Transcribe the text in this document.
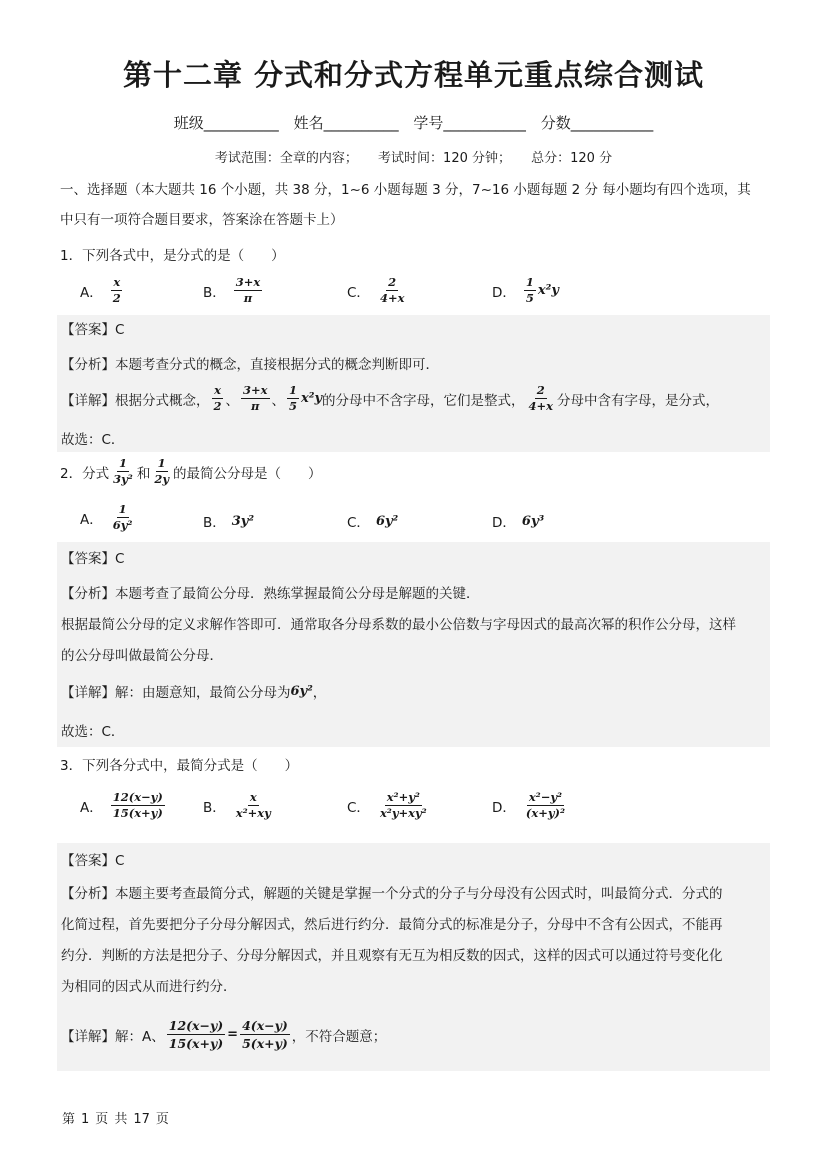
第十二章 分式和分式方程单元重点综合测试
班级__________ 姓名__________ 学号___________ 分数___________
考试范围：全章的内容； 考试时间：120 分钟； 总分：120 分
一、选择题（本大题共 16 个小题，共 38 分，1~6 小题每题 3 分，7~16 小题每题 2 分 每小题均有四个选项，其
中只有一项符合题目要求，答案涂在答题卡上）
1．下列各式中，是分式的是（　　）
A． $\frac{x}{2}$	B． $\frac{3+x}{\pi}$	C． $\frac{2}{4+x}$	D． $\frac{1}{5} x^2y$
【答案】C
【分析】本题考查分式的概念，直接根据分式的概念判断即可．
【详解】根据分式概念， $\frac{x}{2}$ 、 $\frac{3+x}{\pi}$ 、 $\frac{1}{5} x^2y$ 的分母中不含字母，它们是整式， $\frac{2}{4+x}$ 分母中含有字母，是分式，
故选：C．
2．分式 $\frac{1}{\text{3y²}}$ 和 $\frac{1}{2y}$ 的最简公分母是（　　）
A． $\frac{1}{\text{6y²}}$	B． 3y²	C． 6y²	D． 6y³
【答案】C
【分析】本题考查了最简公分母．熟练掌握最简公分母是解题的关键．
根据最简公分母的定义求解作答即可．通常取各分母系数的最小公倍数与字母因式的最高次幂的积作公分母，这样
的公分母叫做最简公分母．
【详解】解：由题意知，最简公分母为 6y² ，
故选：C．
3．下列各分式中，最简分式是（　　）
A． $\frac{12(x-y)}{15(x+y)}$	B． $\frac{x}{\text{x²+xy}}$	C． $\frac{\text{x²+y²}}{\text{x²y+xy²}}$	D． $\frac{\text{x²−y²}}{\text{(x+y)²}}$
【答案】C
【分析】本题主要考查最简分式，解题的关键是掌握一个分式的分子与分母没有公因式时，叫最简分式．分式的
化简过程，首先要把分子分母分解因式，然后进行约分．最简分式的标准是分子，分母中不含有公因式，不能再
约分．判断的方法是把分子、分母分解因式，并且观察有无互为相反数的因式，这样的因式可以通过符号变化化
为相同的因式从而进行约分．
【详解】解：A、 $\frac{12(x-y)}{15(x+y)} = \frac{4(x-y)}{5(x+y)}$ ，不符合题意；
第 1 页 共 17 页
